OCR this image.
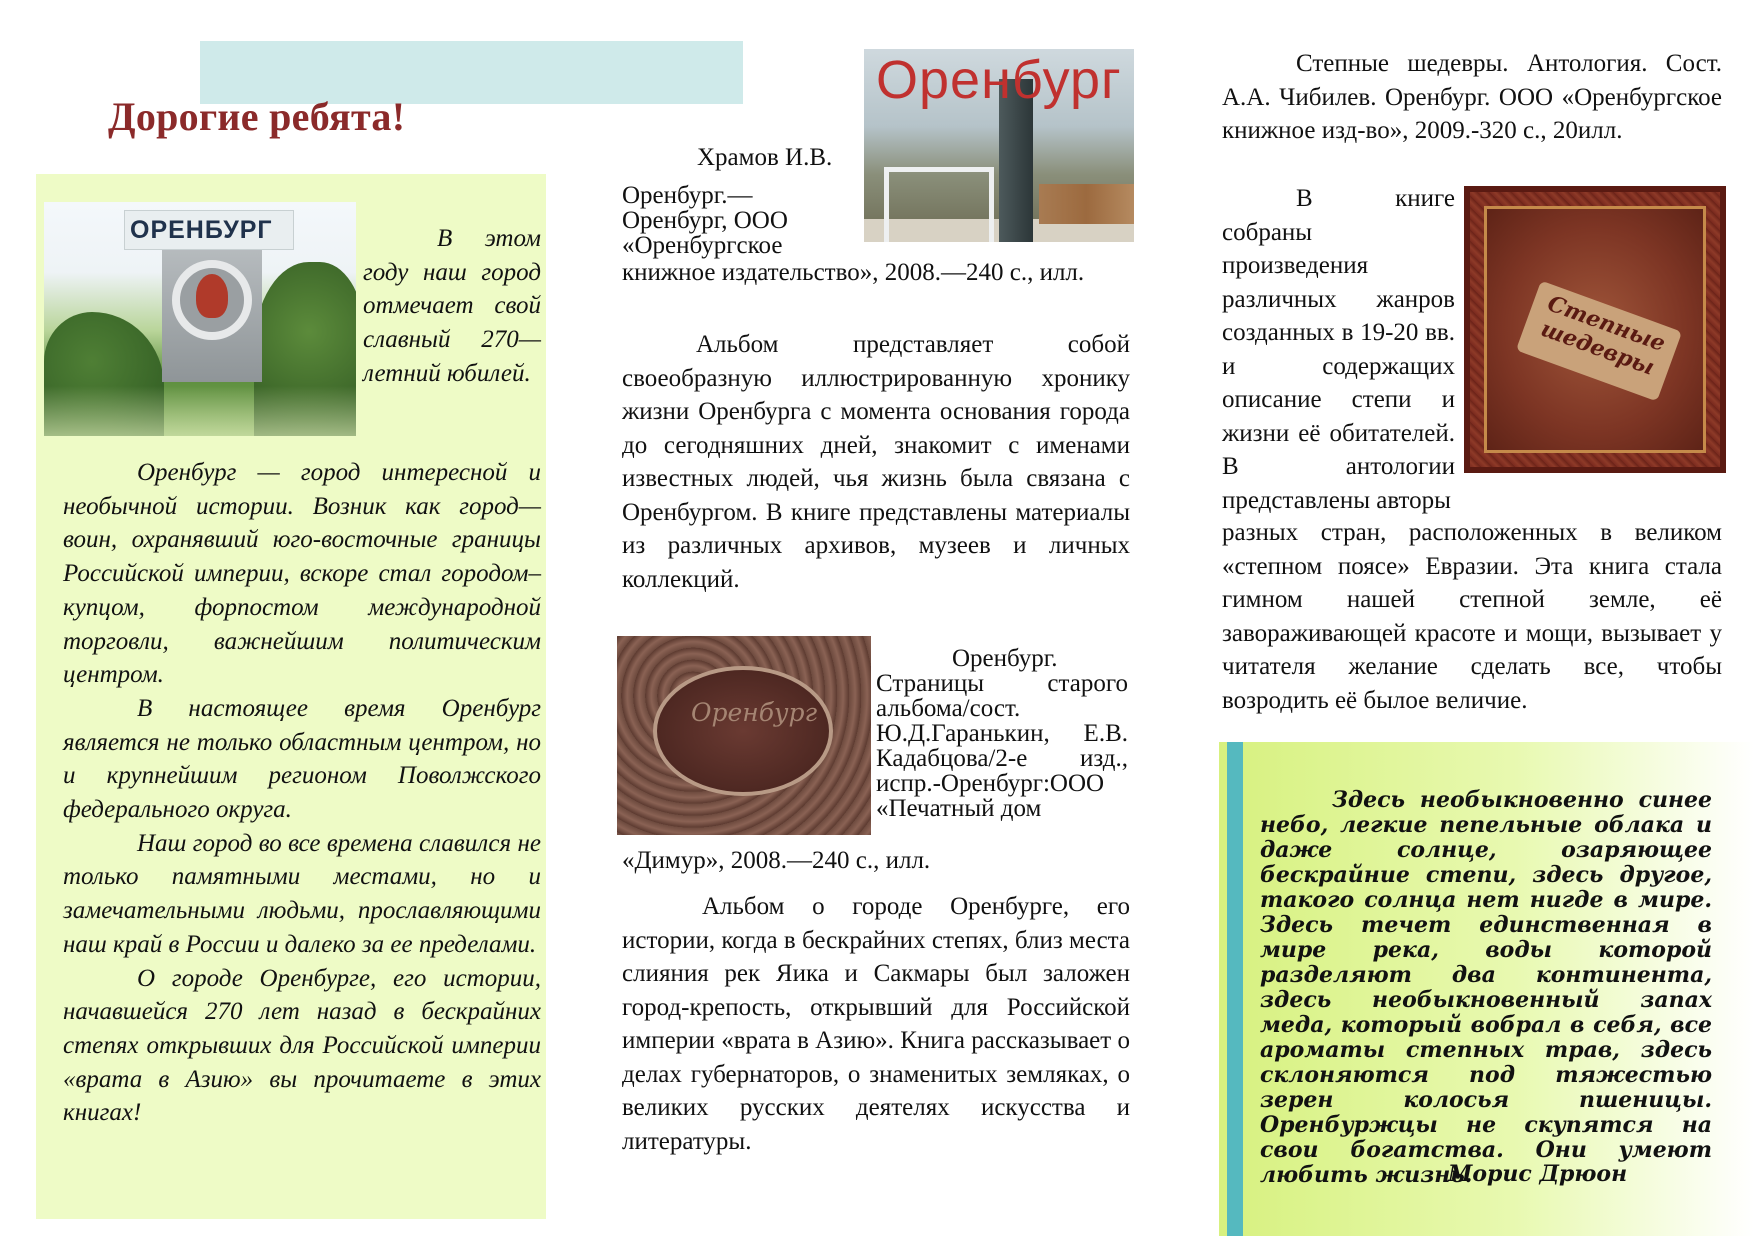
Дорогие ребята!
ОРЕНБУРГ	В этом году наш город отмечает свой славный 270—летний юбилей.

Оренбург — город интересной и необычной истории. Возник как город—воин, охранявший юго-восточные границы Российской империи, вскоре стал городом–купцом, форпостом международной торговли, важнейшим политическим центром.

В настоящее время Оренбург является не только областным центром, но и крупнейшим регионом Поволжского федерального округа.

Наш город во все времена славился не только памятными местами, но и замечательными людьми, прославляющими наш край в России и далеко за ее пределами.

О городе Оренбурге, его истории, начавшейся 270 лет назад в бескрайних степях открывших для Российской империи «врата в Азию» вы прочитаете в этих книгах!

Оренбург
Храмов И.В.
Оренбург.—
Оренбург, ООО
«Оренбургское
книжное издательство», 2008.—240 с., илл.

Альбом представляет собой своеобразную иллюстрированную хронику жизни Оренбурга с момента основания города до сегодняшних дней, знакомит с именами известных людей, чья жизнь была связана с Оренбургом. В книге представлены материалы из различных архивов, музеев и личных коллекций.

Оренбург
Оренбург.
Страницы старого альбома/сост. Ю.Д.Гаранькин, Е.В. Кадабцова/2-е изд., испр.-Оренбург:ООО «Печатный дом
«Димур», 2008.—240 с., илл.

Альбом о городе Оренбурге, его истории, когда в бескрайних степях, близ места слияния рек Яика и Сакмары был заложен город-крепость, открывший для Российской империи «врата в Азию». Книга рассказывает о делах губернаторов, о знаменитых земляках, о великих русских деятелях искусства и литературы.

Степные шедевры. Антология. Сост. А.А. Чибилев. Оренбург. ООО «Оренбургское книжное изд-во», 2009.-320 с., 20илл.

В книге собраны произведения различных жанров созданных в 19-20 вв. и содержащих описание степи и жизни её обитателей. В антологии представлены авторы

Степные шедевры
разных стран, расположенных в великом «степном поясе» Евразии. Эта книга стала гимном нашей степной земле, её завораживающей красоте и мощи, вызывает у читателя желание сделать все, чтобы возродить её былое величие.
Здесь необыкновенно синее небо, легкие пепельные облака и даже солнце, озаряющее бескрайние степи, здесь другое, такого солнца нет нигде в мире. Здесь течет единственная в мире река, воды которой разделяют два континента, здесь необыкновенный запах меда, который вобрал в себя, все ароматы степных трав, здесь склоняются под тяжестью зерен колосья пшеницы. Оренбуржцы не скупятся на свои богатства. Они умеют любить жизнь.
Морис Дрюон
